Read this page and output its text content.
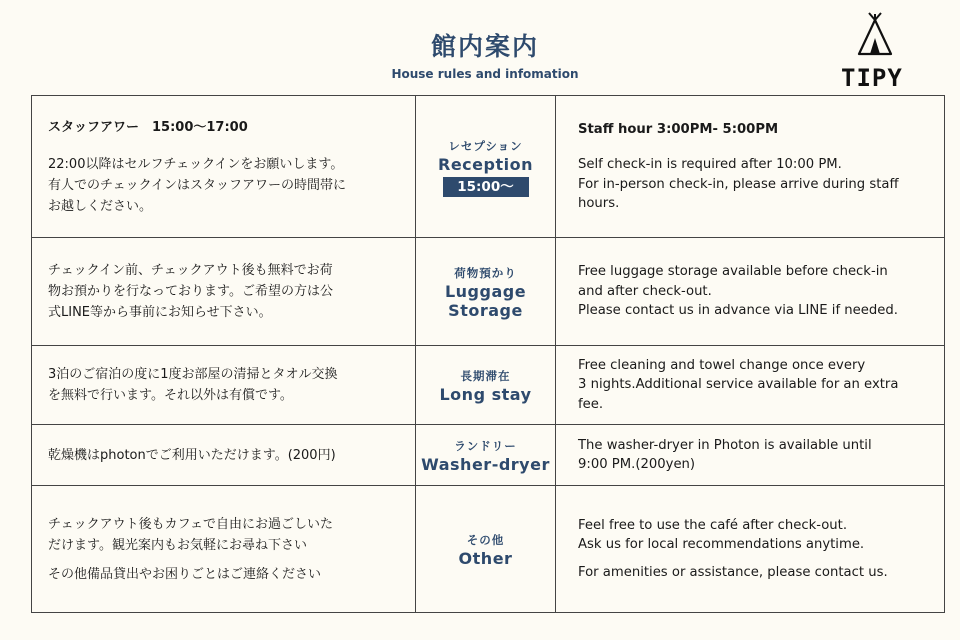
館内案内
House rules and infomation	TIPY

スタッフアワー　15:00〜17:00

22:00以降はセルフチェックインをお願いします。

有人でのチェックインはスタッフアワーの時間帯に

お越しください。

レセプション
Reception
15:00〜

Staff hour 3:00PM- 5:00PM

Self check-in is required after 10:00 PM.

For in-person check-in, please arrive during staff

hours.

チェックイン前、チェックアウト後も無料でお荷

物お預かりを行なっております。ご希望の方は公

式LINE等から事前にお知らせ下さい。

荷物預かり
Luggage
Storage

Free luggage storage available before check-in

and after check-out.

Please contact us in advance via LINE if needed.

3泊のご宿泊の度に1度お部屋の清掃とタオル交換

を無料で行います。それ以外は有償です。

長期滞在
Long stay

Free cleaning and towel change once every

3 nights.Additional service available for an extra

fee.

乾燥機はphotonでご利用いただけます。(200円)

ランドリー
Washer-dryer

The washer-dryer in Photon is available until

9:00 PM.(200yen)

チェックアウト後もカフェで自由にお過ごしいた

だけます。観光案内もお気軽にお尋ね下さい

その他備品貸出やお困りごとはご連絡ください

その他
Other

Feel free to use the café after check-out.

Ask us for local recommendations anytime.

For amenities or assistance, please contact us.
